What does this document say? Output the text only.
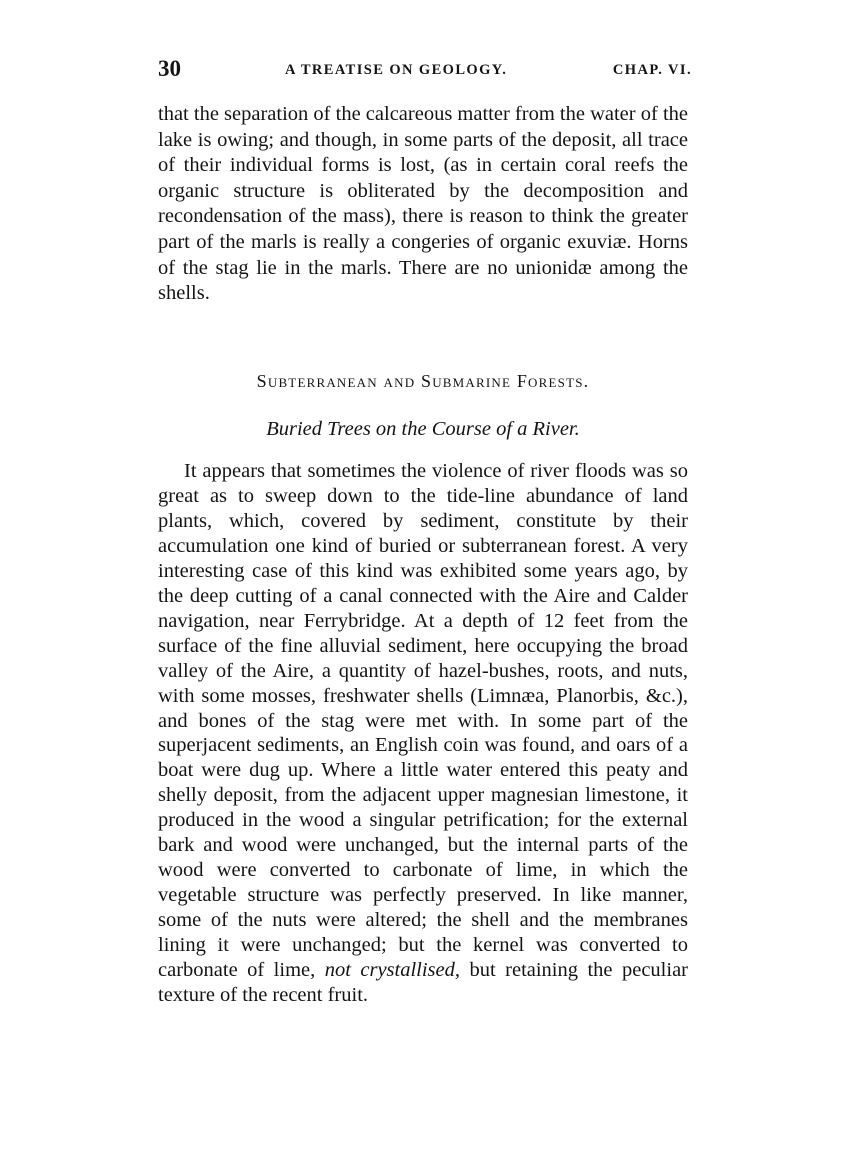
30	A TREATISE ON GEOLOGY.	CHAP. VI.

that the separation of the calcareous matter from the water of the lake is owing; and though, in some parts of the deposit, all trace of their individual forms is lost, (as in certain coral reefs the organic structure is obliterated by the decomposition and recondensation of the mass), there is reason to think the greater part of the marls is really a congeries of organic exuviæ. Horns of the stag lie in the marls. There are no unionidæ among the shells.

Subterranean and Submarine Forests.
Buried Trees on the Course of a River.

It appears that sometimes the violence of river floods was so great as to sweep down to the tide-line abundance of land plants, which, covered by sediment, constitute by their accumulation one kind of buried or subterranean forest. A very interesting case of this kind was exhibited some years ago, by the deep cutting of a canal connected with the Aire and Calder navigation, near Ferrybridge. At a depth of 12 feet from the surface of the fine alluvial sediment, here occupying the broad valley of the Aire, a quantity of hazel-bushes, roots, and nuts, with some mosses, freshwater shells (Limnæa, Planorbis, &c.), and bones of the stag were met with. In some part of the superjacent sediments, an English coin was found, and oars of a boat were dug up. Where a little water entered this peaty and shelly deposit, from the adjacent upper magnesian limestone, it produced in the wood a singular petrification; for the external bark and wood were unchanged, but the internal parts of the wood were converted to carbonate of lime, in which the vegetable structure was perfectly preserved. In like manner, some of the nuts were altered; the shell and the membranes lining it were unchanged; but the kernel was converted to carbonate of lime, not crystallised, but retaining the peculiar texture of the recent fruit.
